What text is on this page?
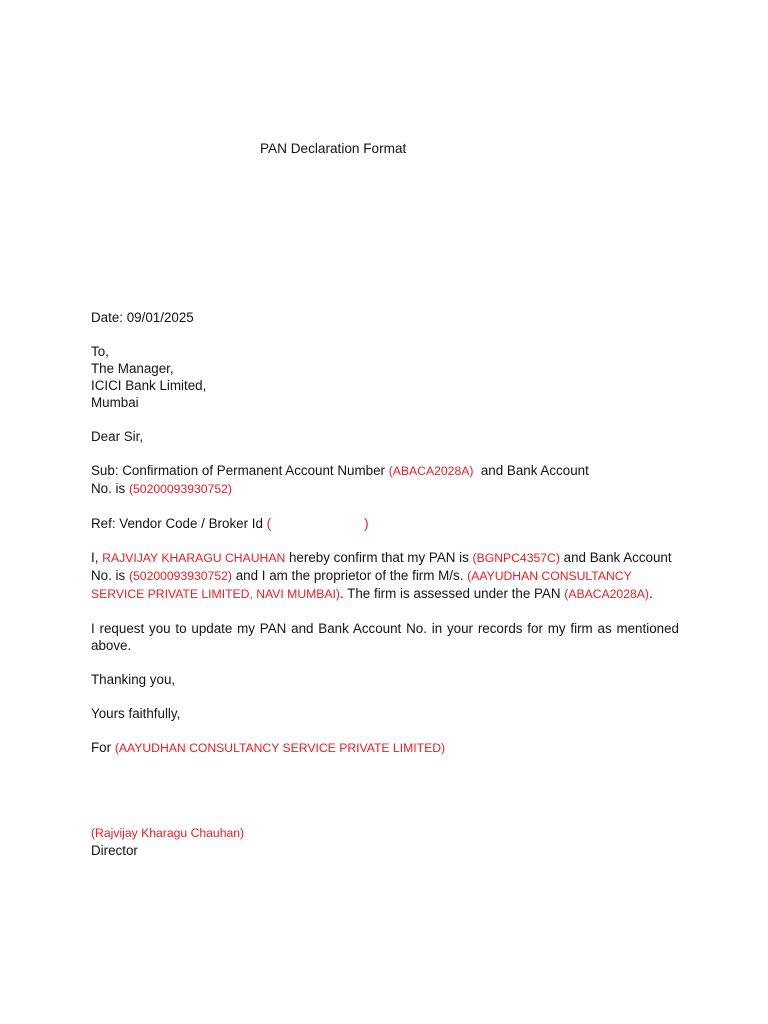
PAN Declaration Format
Date: 09/01/2025
To,
The Manager,
ICICI Bank Limited,
Mumbai
Dear Sir,
Sub: Confirmation of Permanent Account Number (ABACA2028A)  and Bank Account
No. is (50200093930752)
Ref: Vendor Code / Broker Id (                         )
I, RAJVIJAY KHARAGU CHAUHAN hereby confirm that my PAN is (BGNPC4357C) and Bank Account
No. is (50200093930752) and I am the proprietor of the firm M/s. (AAYUDHAN CONSULTANCY
SERVICE PRIVATE LIMITED, NAVI MUMBAI). The firm is assessed under the PAN (ABACA2028A).
I request you to update my PAN and Bank Account No. in your records for my firm as mentioned above.
Thanking you,
Yours faithfully,
For (AAYUDHAN CONSULTANCY SERVICE PRIVATE LIMITED)
(Rajvijay Kharagu Chauhan)
Director
